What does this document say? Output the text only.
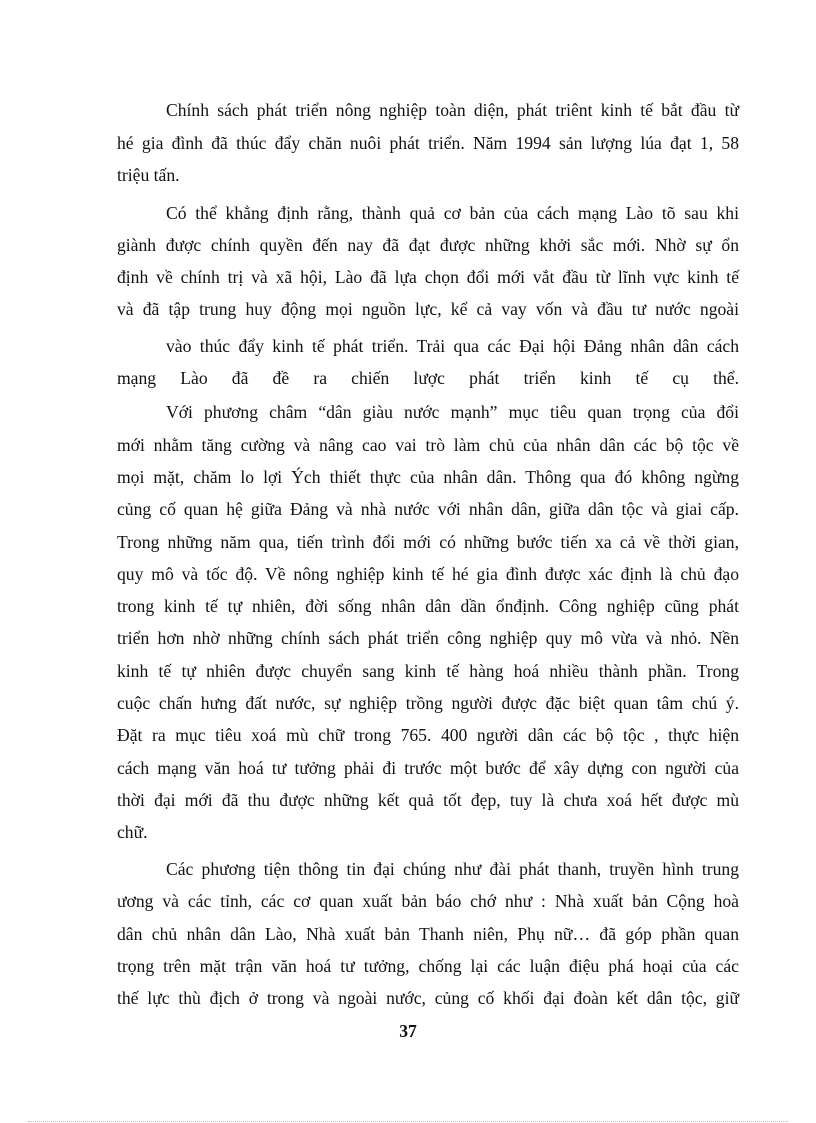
Chính sách phát triển nông nghiệp toàn diện, phát triênt kinh tế bắt đầu từ
hé gia đình đã thúc đẩy chăn nuôi phát triển. Năm 1994 sản lượng lúa đạt 1, 58
triệu tấn.
Có thể khẳng định rằng, thành quả cơ bản của cách mạng Lào tõ sau khi
giành được chính quyền đến nay đã đạt được những khởi sắc mới. Nhờ sự ổn
định về chính trị và xã hội, Lào đã lựa chọn đổi mới vắt đầu từ lĩnh vực kinh tế
và đã tập trung huy động mọi nguồn lực, kể cả vay vốn và đầu tư nước ngoài
vào thúc đẩy kinh tế phát triển. Trải qua các Đại hội Đảng nhân dân cách
mạng Lào đã đề ra chiến lược phát triển kinh tế cụ thể.
Với phương châm “dân giàu nước mạnh” mục tiêu quan trọng của đổi
mới nhằm tăng cường và nâng cao vai trò làm chủ của nhân dân các bộ tộc về
mọi mặt, chăm lo lợi Ých thiết thực của nhân dân. Thông qua đó không ngừng
củng cố quan hệ giữa Đảng và nhà nước với nhân dân, giữa dân tộc và giai cấp.
Trong những năm qua, tiến trình đổi mới có những bước tiến xa cả về thời gian,
quy mô và tốc độ. Về nông nghiệp kinh tế hé gia đình được xác định là chủ đạo
trong kinh tế tự nhiên, đời sống nhân dân dần ổnđịnh. Công nghiệp cũng phát
triển hơn nhờ những chính sách phát triển công nghiệp quy mô vừa và nhỏ. Nền
kinh tế tự nhiên được chuyển sang kinh tế hàng hoá nhiều thành phần. Trong
cuộc chấn hưng đất nước, sự nghiệp trồng người được đặc biệt quan tâm chú ý.
Đặt ra mục tiêu xoá mù chữ trong 765. 400 người dân các bộ tộc , thực hiện
cách mạng văn hoá tư tưởng phải đi trước một bước để xây dựng con người của
thời đại mới đã thu được những kết quả tốt đẹp, tuy là chưa xoá hết được mù
chữ.
Các phương tiện thông tin đại chúng như đài phát thanh, truyền hình trung
ương và các tỉnh, các cơ quan xuất bản báo chớ như : Nhà xuất bản Cộng hoà
dân chủ nhân dân Lào, Nhà xuất bản Thanh niên, Phụ nữ… đã góp phần quan
trọng trên mặt trận văn hoá tư tưởng, chống lại các luận điệu phá hoại của các
thế lực thù địch ở trong và ngoài nước, củng cố khối đại đoàn kết dân tộc, giữ
37
